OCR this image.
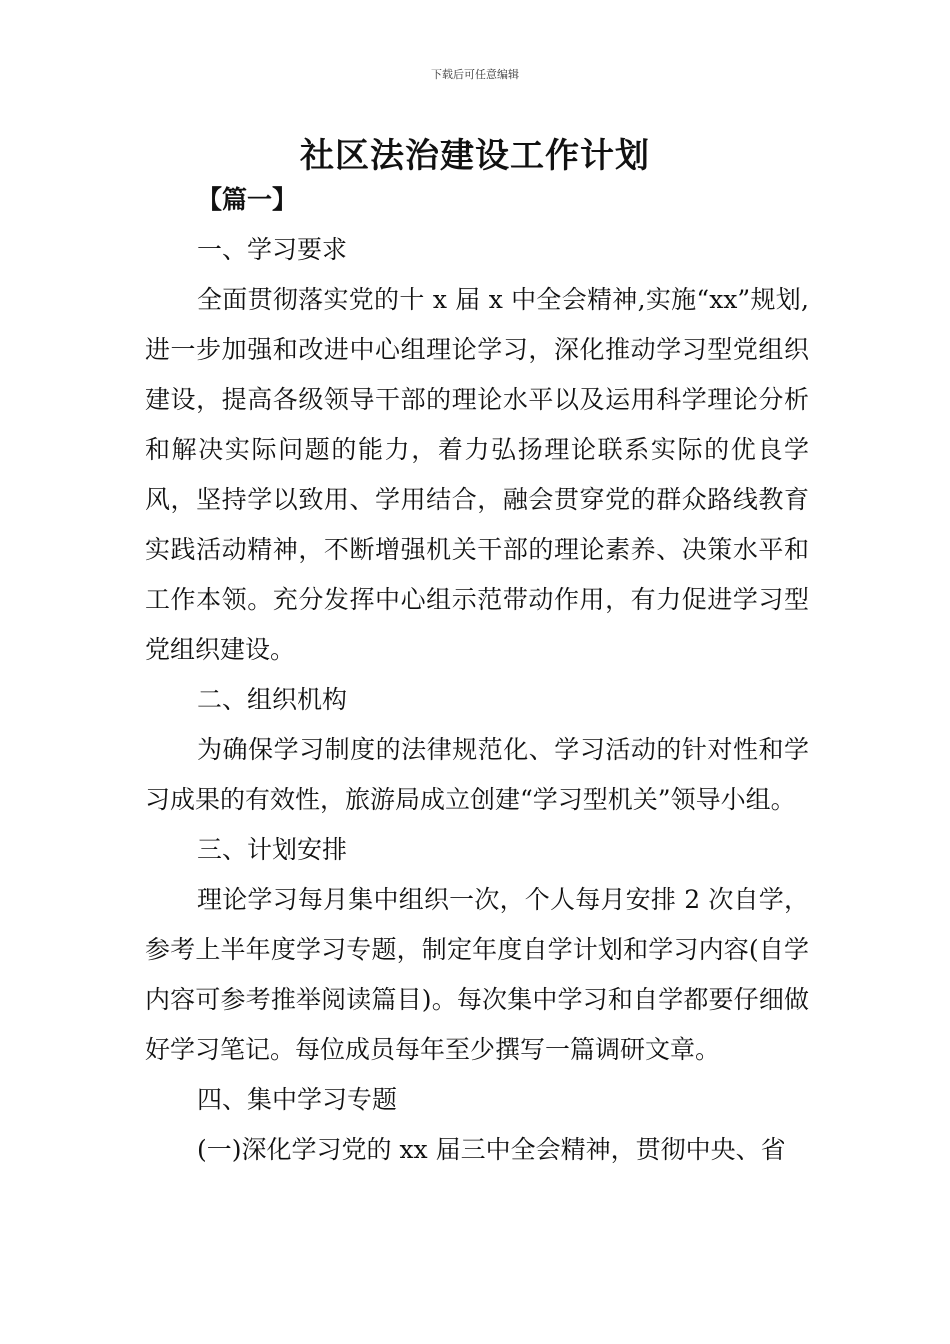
下载后可任意编辑
社区法治建设工作计划

【篇一】

一、学习要求

全面贯彻落实党的十 x 届 x 中全会精神,实施“xx”规划,进一步加强和改进中心组理论学习，深化推动学习型党组织建设，提高各级领导干部的理论水平以及运用科学理论分析和解决实际问题的能力，着力弘扬理论联系实际的优良学风，坚持学以致用、学用结合，融会贯穿党的群众路线教育实践活动精神，不断增强机关干部的理论素养、决策水平和工作本领。充分发挥中心组示范带动作用，有力促进学习型党组织建设。

二、组织机构

为确保学习制度的法律规范化、学习活动的针对性和学习成果的有效性，旅游局成立创建“学习型机关”领导小组。

三、计划安排

理论学习每月集中组织一次，个人每月安排 2 次自学，参考上半年度学习专题，制定年度自学计划和学习内容(自学内容可参考推举阅读篇目)。每次集中学习和自学都要仔细做好学习笔记。每位成员每年至少撰写一篇调研文章。

四、集中学习专题

(一)深化学习党的 xx 届三中全会精神，贯彻中央、省
